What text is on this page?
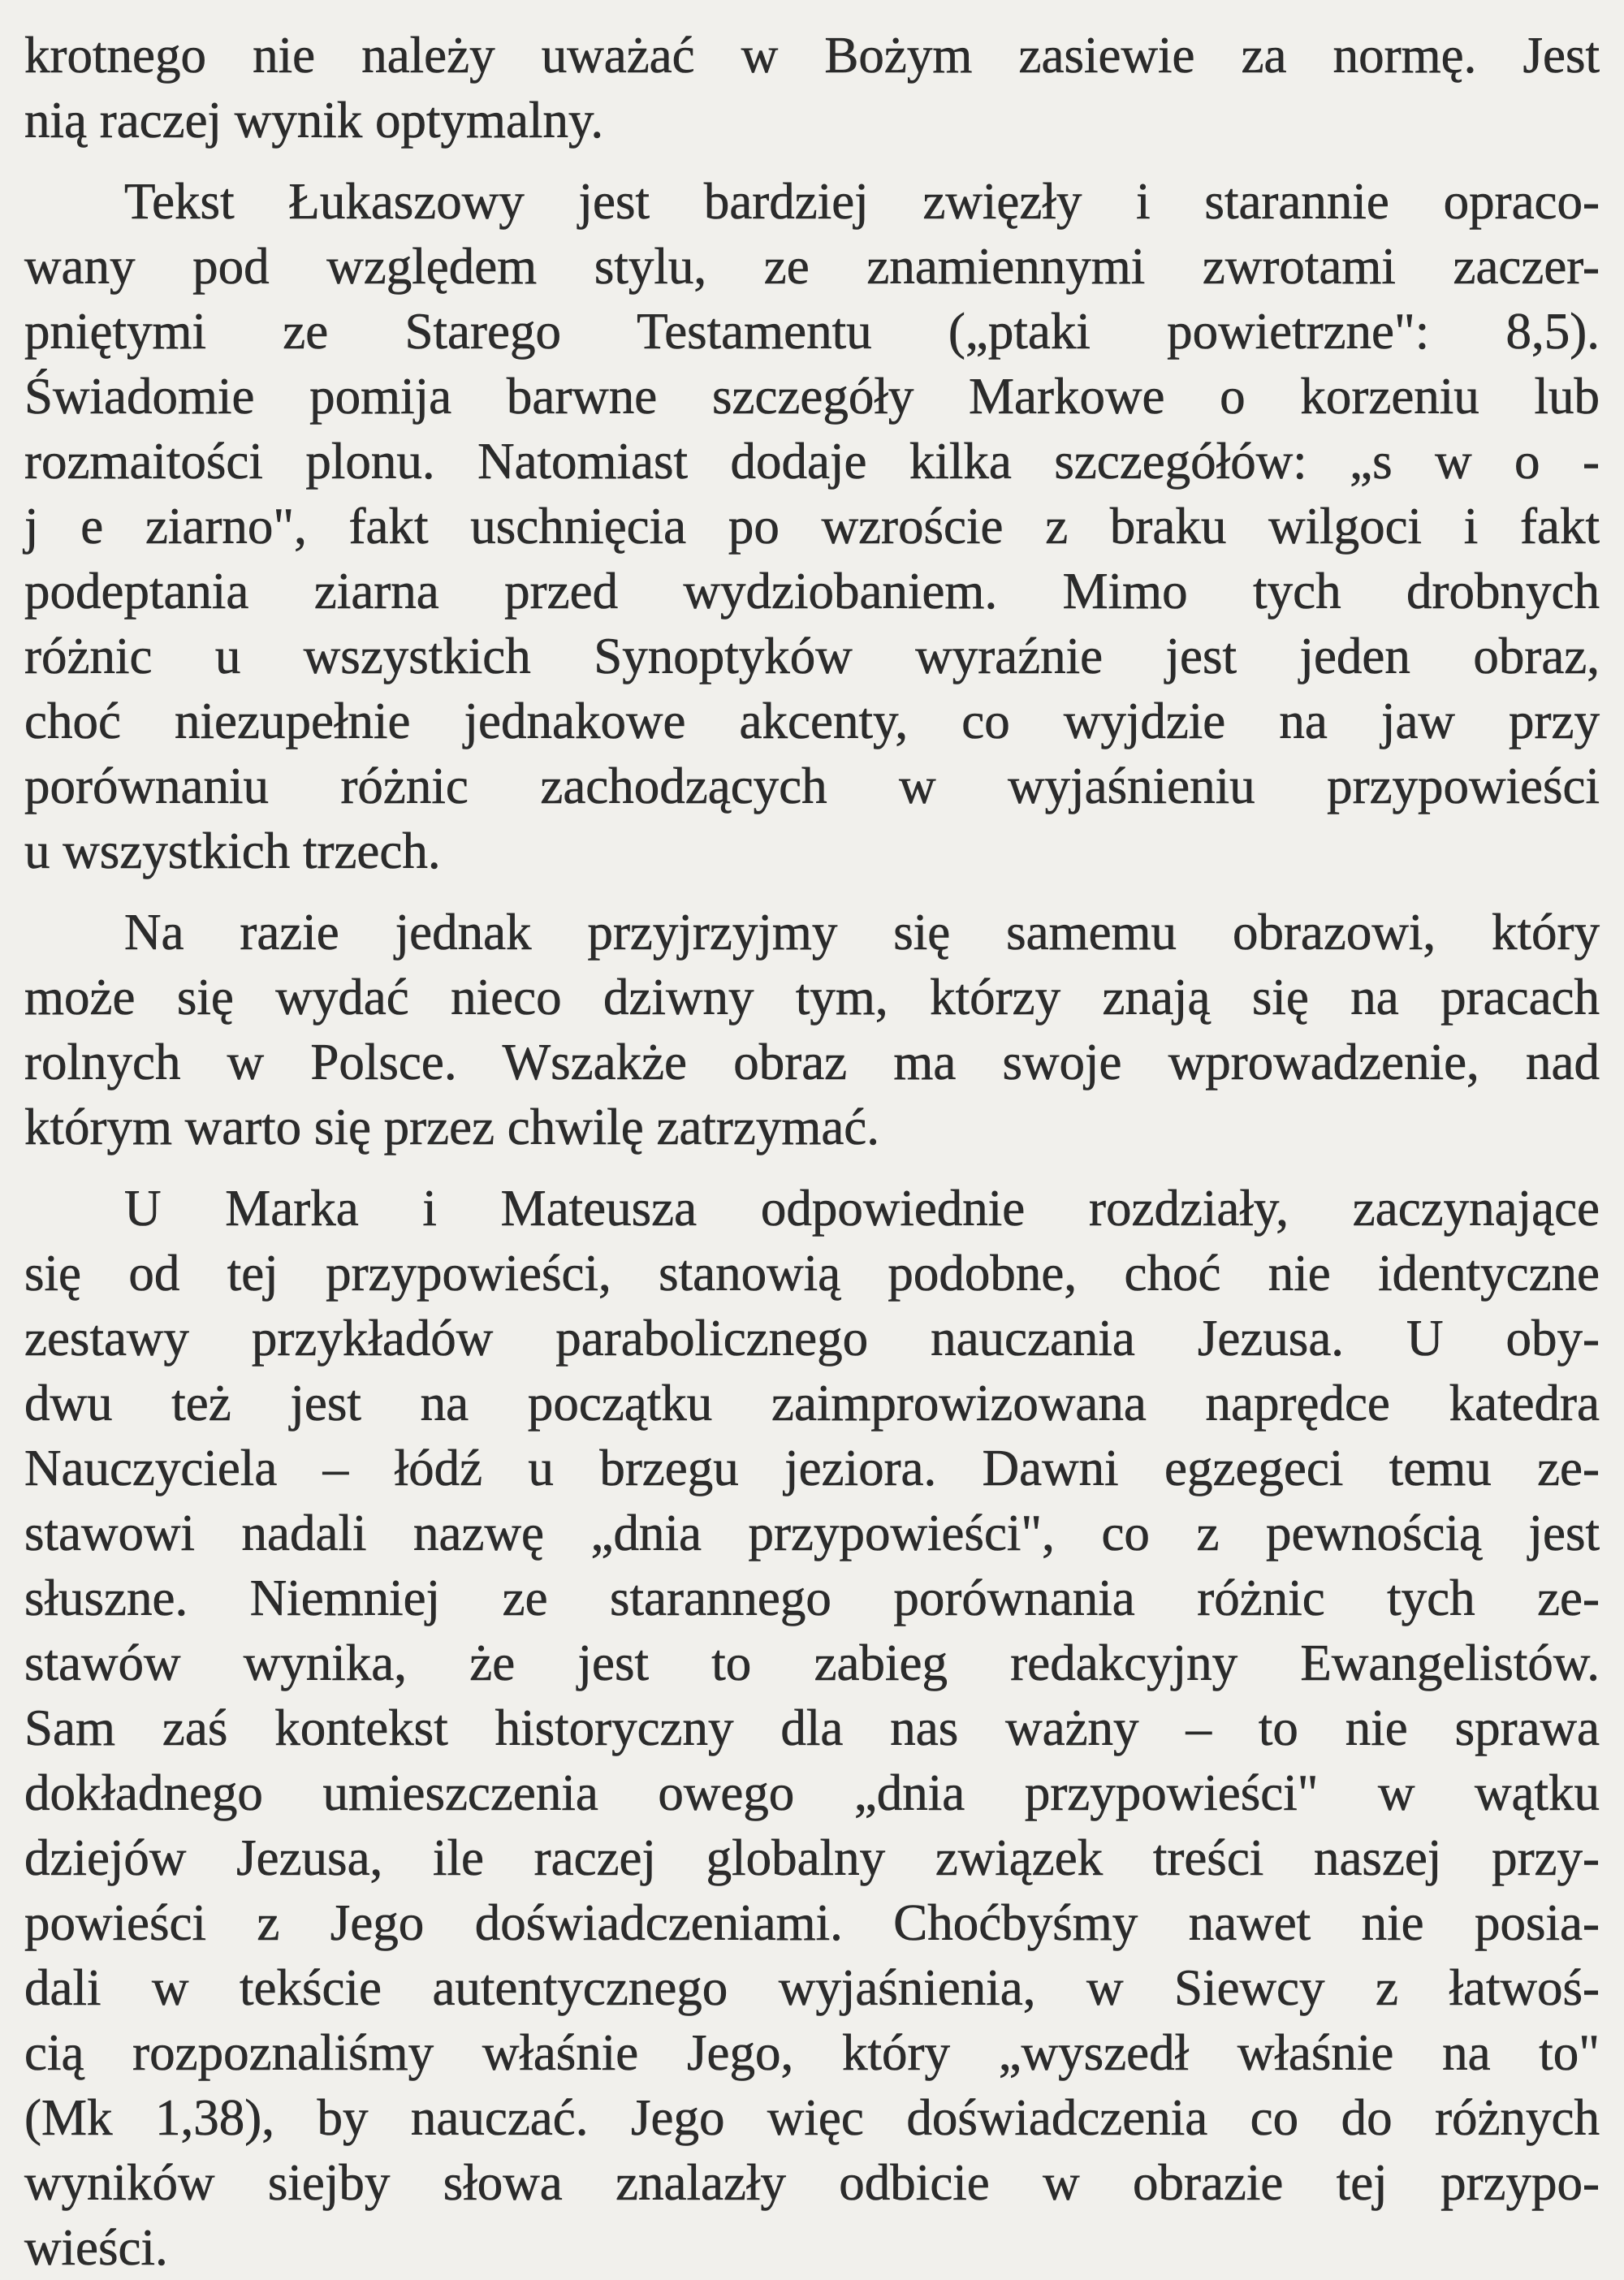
krotnego nie należy uważać w Bożym zasiewie za normę. Jest
nią raczej wynik optymalny.
Tekst Łukaszowy jest bardziej zwięzły i starannie opraco-
wany pod względem stylu, ze znamiennymi zwrotami zaczer-
pniętymi ze Starego Testamentu („ptaki powietrzne": 8,5).
Świadomie pomija barwne szczegóły Markowe o korzeniu lub
rozmaitości plonu. Natomiast dodaje kilka szczegółów: „s w o -
j e ziarno", fakt uschnięcia po wzroście z braku wilgoci i fakt
podeptania ziarna przed wydziobaniem. Mimo tych drobnych
różnic u wszystkich Synoptyków wyraźnie jest jeden obraz,
choć niezupełnie jednakowe akcenty, co wyjdzie na jaw przy
porównaniu różnic zachodzących w wyjaśnieniu przypowieści
u wszystkich trzech.
Na razie jednak przyjrzyjmy się samemu obrazowi, który
może się wydać nieco dziwny tym, którzy znają się na pracach
rolnych w Polsce. Wszakże obraz ma swoje wprowadzenie, nad
którym warto się przez chwilę zatrzymać.
U Marka i Mateusza odpowiednie rozdziały, zaczynające
się od tej przypowieści, stanowią podobne, choć nie identyczne
zestawy przykładów parabolicznego nauczania Jezusa. U oby-
dwu też jest na początku zaimprowizowana naprędce katedra
Nauczyciela – łódź u brzegu jeziora. Dawni egzegeci temu ze-
stawowi nadali nazwę „dnia przypowieści", co z pewnością jest
słuszne. Niemniej ze starannego porównania różnic tych ze-
stawów wynika, że jest to zabieg redakcyjny Ewangelistów.
Sam zaś kontekst historyczny dla nas ważny – to nie sprawa
dokładnego umieszczenia owego „dnia przypowieści" w wątku
dziejów Jezusa, ile raczej globalny związek treści naszej przy-
powieści z Jego doświadczeniami. Choćbyśmy nawet nie posia-
dali w tekście autentycznego wyjaśnienia, w Siewcy z łatwoś-
cią rozpoznaliśmy właśnie Jego, który „wyszedł właśnie na to"
(Mk 1,38), by nauczać. Jego więc doświadczenia co do różnych
wyników siejby słowa znalazły odbicie w obrazie tej przypo-
wieści.
